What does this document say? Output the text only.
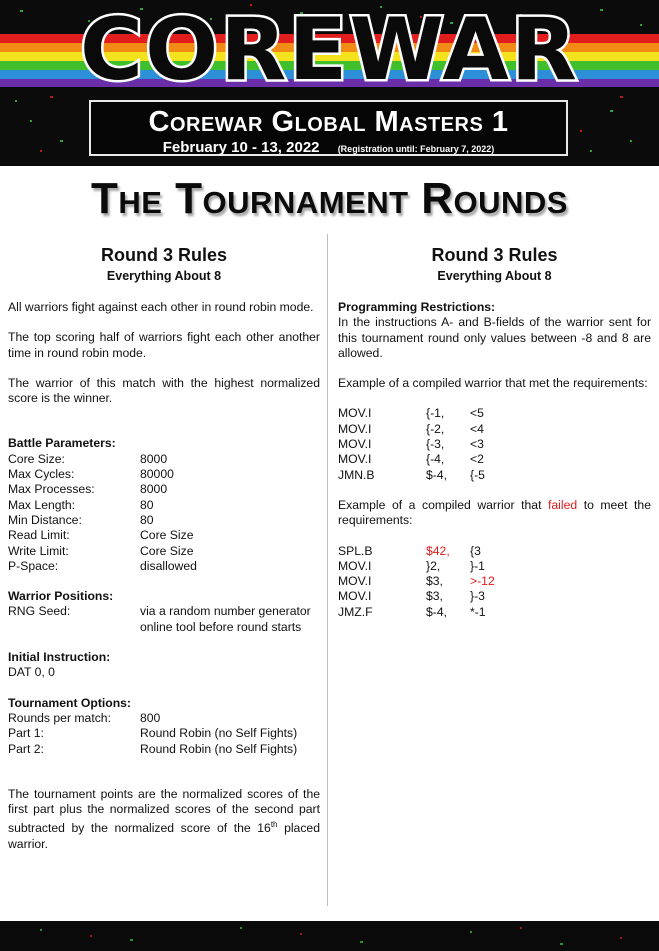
COREWAR
Corewar Global Masters 1
February 10 - 13, 2022 (Registration until: February 7, 2022)
The Tournament Rounds
Round 3 Rules
Everything About 8

All warriors fight against each other in round robin mode.

The top scoring half of warriors fight each other another time in round robin mode.

The warrior of this match with the highest normalized score is the winner.

Battle Parameters:
Core Size:	8000
Max Cycles:	80000
Max Processes:	8000
Max Length:	80
Min Distance:	80
Read Limit:	Core Size
Write Limit:	Core Size
P-Space:	disallowed
Warrior Positions:
RNG Seed:	via a random number generator online tool before round starts
Initial Instruction:
DAT 0, 0
Tournament Options:
Rounds per match:	800
Part 1:	Round Robin (no Self Fights)
Part 2:	Round Robin (no Self Fights)

The tournament points are the normalized scores of the first part plus the normalized scores of the second part subtracted by the normalized score of the 16th placed warrior.

Round 3 Rules
Everything About 8
Programming Restrictions:

In the instructions A- and B-fields of the warrior sent for this tournament round only values between -8 and 8 are allowed.

Example of a compiled warrior that met the requirements:

MOV.I	{-1,	<5
MOV.I	{-2,	<4
MOV.I	{-3,	<3
MOV.I	{-4,	<2
JMN.B	$-4,	{-5

Example of a compiled warrior that failed to meet the requirements:

SPL.B	$42,	{3
MOV.I	}2,	}-1
MOV.I	$3,	>-12
MOV.I	$3,	}-3
JMZ.F	$-4,	*-1
